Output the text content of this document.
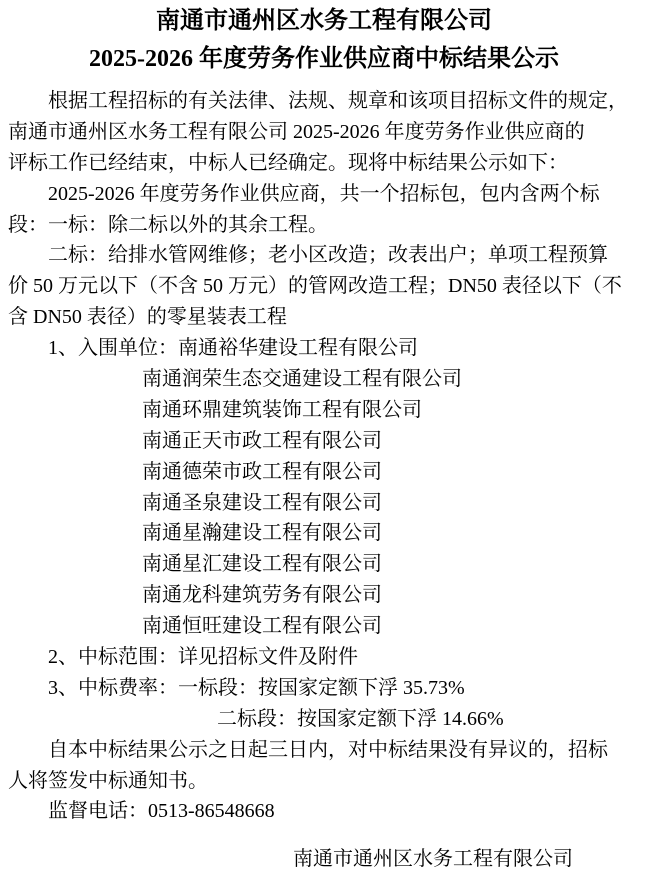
南通市通州区水务工程有限公司
2025-2026 年度劳务作业供应商中标结果公示
根据工程招标的有关法律、法规、规章和该项目招标文件的规定，
南通市通州区水务工程有限公司 2025-2026 年度劳务作业供应商的
评标工作已经结束，中标人已经确定。现将中标结果公示如下：
2025-2026 年度劳务作业供应商，共一个招标包，包内含两个标
段：一标：除二标以外的其余工程。
二标：给排水管网维修；老小区改造；改表出户；单项工程预算
价 50 万元以下（不含 50 万元）的管网改造工程；DN50 表径以下（不
含 DN50 表径）的零星装表工程
1、入围单位：南通裕华建设工程有限公司
南通润荣生态交通建设工程有限公司
南通环鼎建筑装饰工程有限公司
南通正天市政工程有限公司
南通德荣市政工程有限公司
南通圣泉建设工程有限公司
南通星瀚建设工程有限公司
南通星汇建设工程有限公司
南通龙科建筑劳务有限公司
南通恒旺建设工程有限公司
2、中标范围：详见招标文件及附件
3、中标费率：一标段：按国家定额下浮 35.73%
二标段：按国家定额下浮 14.66%
自本中标结果公示之日起三日内，对中标结果没有异议的，招标
人将签发中标通知书。
监督电话：0513-86548668
南通市通州区水务工程有限公司
